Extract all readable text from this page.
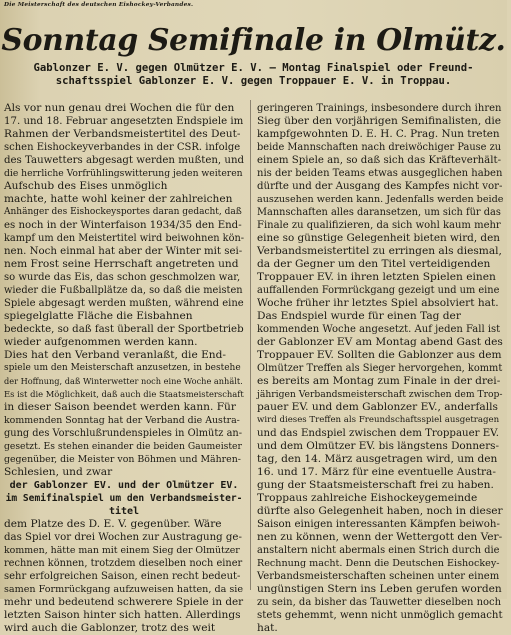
Die Meisterschaft des deutschen Eishockey-Verbandes.
Sonntag Semifinale in Olmütz.
Gablonzer E. V. gegen Olmützer E. V. — Montag Finalspiel oder Freund-
schaftsspiel Gablonzer E. V. gegen Troppauer E. V. in Troppau.
Als vor nun genau drei Wochen die für den
17. und 18. Februar angesetzten Endspiele im
Rahmen der Verbandsmeistertitel des Deut-
schen Eishockeyverbandes in der CSR. infolge
des Tauwetters abgesagt werden mußten, und
die herrliche Vorfrühlingswitterung jeden weiteren
Aufschub des Eises unmöglich
machte, hatte wohl keiner der zahlreichen
Anhänger des Eishockeysportes daran gedacht, daß
es noch in der Winterfaison 1934/35 den End-
kampf um den Meistertitel wird beiwohnen kön-
nen. Noch einmal hat aber der Winter mit sei-
nem Frost seine Herrschaft angetreten und
so wurde das Eis, das schon geschmolzen war,
wieder die Fußballplätze da, so daß die meisten
Spiele abgesagt werden mußten, während eine
spiegelglatte Fläche die Eisbahnen
bedeckte, so daß fast überall der Sportbetrieb
wieder aufgenommen werden kann.
Dies hat den Verband veranlaßt, die End-
spiele um den Meisterschaft anzusetzen, in bestehe
der Hoffnung, daß Winterwetter noch eine Woche anhält.
Es ist die Möglichkeit, daß auch die Staatsmeisterschaft
in dieser Saison beendet werden kann. Für
kommenden Sonntag hat der Verband die Austra-
gung des Vorschlußrundenspieles in Olmütz an-
gesetzt. Es stehen einander die beiden Gaumeister
gegenüber, die Meister von Böhmen und Mähren-
Schlesien, und zwar
der Gablonzer EV. und der Olmützer EV.
im Semifinalspiel um den Verbandsmeister-
titel
dem Platze des D. E. V. gegenüber. Wäre
das Spiel vor drei Wochen zur Austragung ge-
kommen, hätte man mit einem Sieg der Olmützer
rechnen können, trotzdem dieselben noch einer
sehr erfolgreichen Saison, einen recht bedeut-
samen Formrückgang aufzuweisen hatten, da sie
mehr und bedeutend schwerere Spiele in der
letzten Saison hinter sich hatten. Allerdings
wird auch die Gablonzer, trotz des weit
geringeren Trainings, insbesondere durch ihren
Sieg über den vorjährigen Semifinalisten, die
kampfgewohnten D. E. H. C. Prag. Nun treten
beide Mannschaften nach dreiwöchiger Pause zu
einem Spiele an, so daß sich das Kräfteverhält-
nis der beiden Teams etwas ausgeglichen haben
dürfte und der Ausgang des Kampfes nicht vor-
auszusehen werden kann. Jedenfalls werden beide
Mannschaften alles daransetzen, um sich für das
Finale zu qualifizieren, da sich wohl kaum mehr
eine so günstige Gelegenheit bieten wird, den
Verbandsmeistertitel zu erringen als diesmal,
da der Gegner um den Titel verteidigenden
Troppauer EV. in ihren letzten Spielen einen
auffallenden Formrückgang gezeigt und um eine
Woche früher ihr letztes Spiel absolviert hat.
Das Endspiel wurde für einen Tag der
kommenden Woche angesetzt. Auf jeden Fall ist
der Gablonzer EV am Montag abend Gast des
Troppauer EV. Sollten die Gablonzer aus dem
Olmützer Treffen als Sieger hervorgehen, kommt
es bereits am Montag zum Finale in der drei-
jährigen Verbandsmeisterschaft zwischen dem Trop-
pauer EV. und dem Gablonzer EV., anderfalls
wird dieses Treffen als Freundschaftsspiel ausgetragen
und das Endspiel zwischen dem Troppauer EV.
und dem Olmützer EV. bis längstens Donners-
tag, den 14. März ausgetragen wird, um den
16. und 17. März für eine eventuelle Austra-
gung der Staatsmeisterschaft frei zu haben.
Troppaus zahlreiche Eishockeygemeinde
dürfte also Gelegenheit haben, noch in dieser
Saison einigen interessanten Kämpfen beiwoh-
nen zu können, wenn der Wettergott den Ver-
anstaltern nicht abermals einen Strich durch die
Rechnung macht. Denn die Deutschen Eishockey-
Verbandsmeisterschaften scheinen unter einem
ungünstigen Stern ins Leben gerufen worden
zu sein, da bisher das Tauwetter dieselben noch
stets gehemmt, wenn nicht unmöglich gemacht
hat.
